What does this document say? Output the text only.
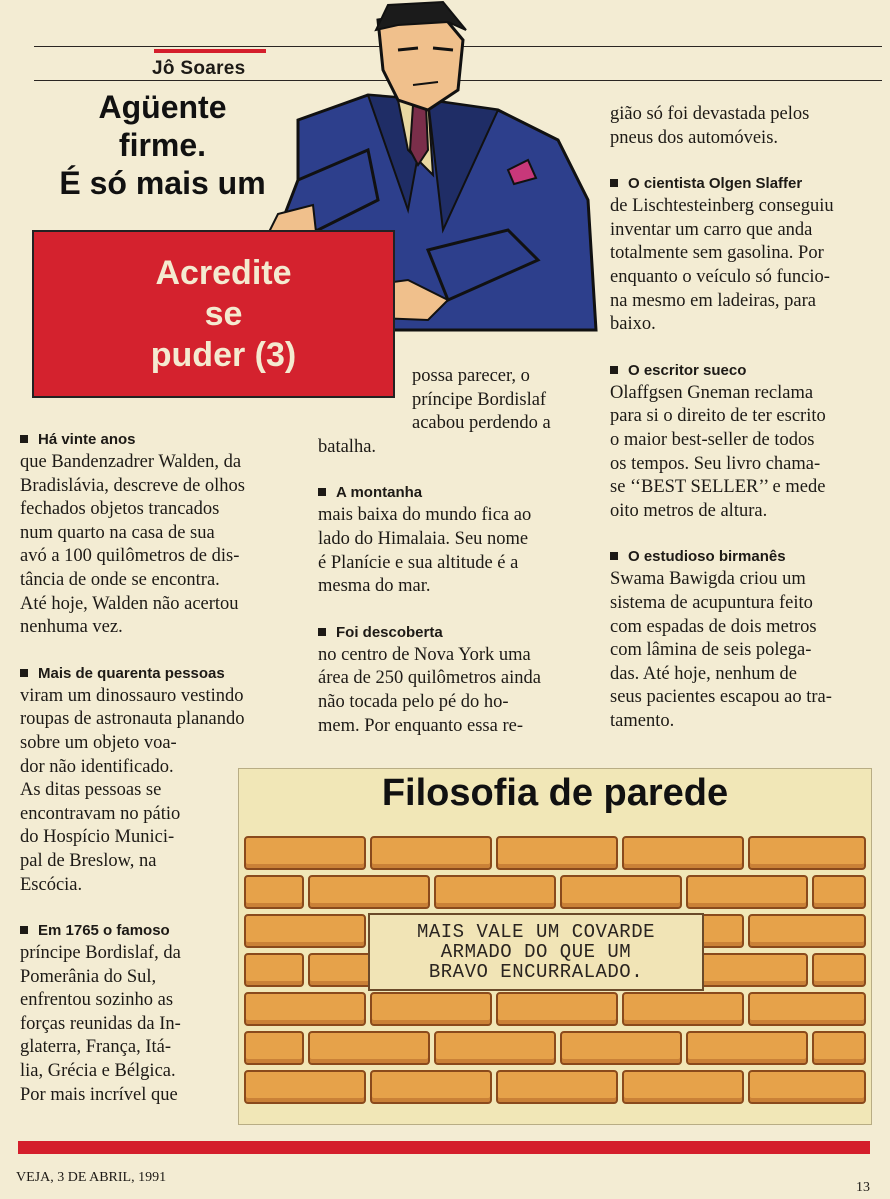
Jô Soares
Agüente
firme.
É só mais um
Acredite
se
puder (3)
Há vinte anos

que Bandenzadrer Walden, da

Bradislávia, descreve de olhos

fechados objetos trancados

num quarto na casa de sua

avó a 100 quilômetros de dis-

tância de onde se encontra.

Até hoje, Walden não acertou

nenhuma vez.

Mais de quarenta pessoas

viram um dinossauro vestindo

roupas de astronauta planando

sobre um objeto voa-

dor não identificado.

As ditas pessoas se

encontravam no pátio

do Hospício Munici-

pal de Breslow, na

Escócia.

Em 1765 o famoso

príncipe Bordislaf, da

Pomerânia do Sul,

enfrentou sozinho as

forças reunidas da In-

glaterra, França, Itá-

lia, Grécia e Bélgica.

Por mais incrível que

possa parecer, o

príncipe Bordislaf

acabou perdendo a

batalha.

A montanha

mais baixa do mundo fica ao

lado do Himalaia. Seu nome

é Planície e sua altitude é a

mesma do mar.

Foi descoberta

no centro de Nova York uma

área de 250 quilômetros ainda

não tocada pelo pé do ho-

mem. Por enquanto essa re-

gião só foi devastada pelos

pneus dos automóveis.

O cientista Olgen Slaffer

de Lischtesteinberg conseguiu

inventar um carro que anda

totalmente sem gasolina. Por

enquanto o veículo só funcio-

na mesmo em ladeiras, para

baixo.

O escritor sueco

Olaffgsen Gneman reclama

para si o direito de ter escrito

o maior best-seller de todos

os tempos. Seu livro chama-

se ‘‘BEST SELLER’’ e mede

oito metros de altura.

O estudioso birmanês

Swama Bawigda criou um

sistema de acupuntura feito

com espadas de dois metros

com lâmina de seis polega-

das. Até hoje, nenhum de

seus pacientes escapou ao tra-

tamento.

Filosofia de parede
MAIS VALE UM COVARDE
ARMADO DO QUE UM
BRAVO ENCURRALADO.
VEJA, 3 DE ABRIL, 1991
13
